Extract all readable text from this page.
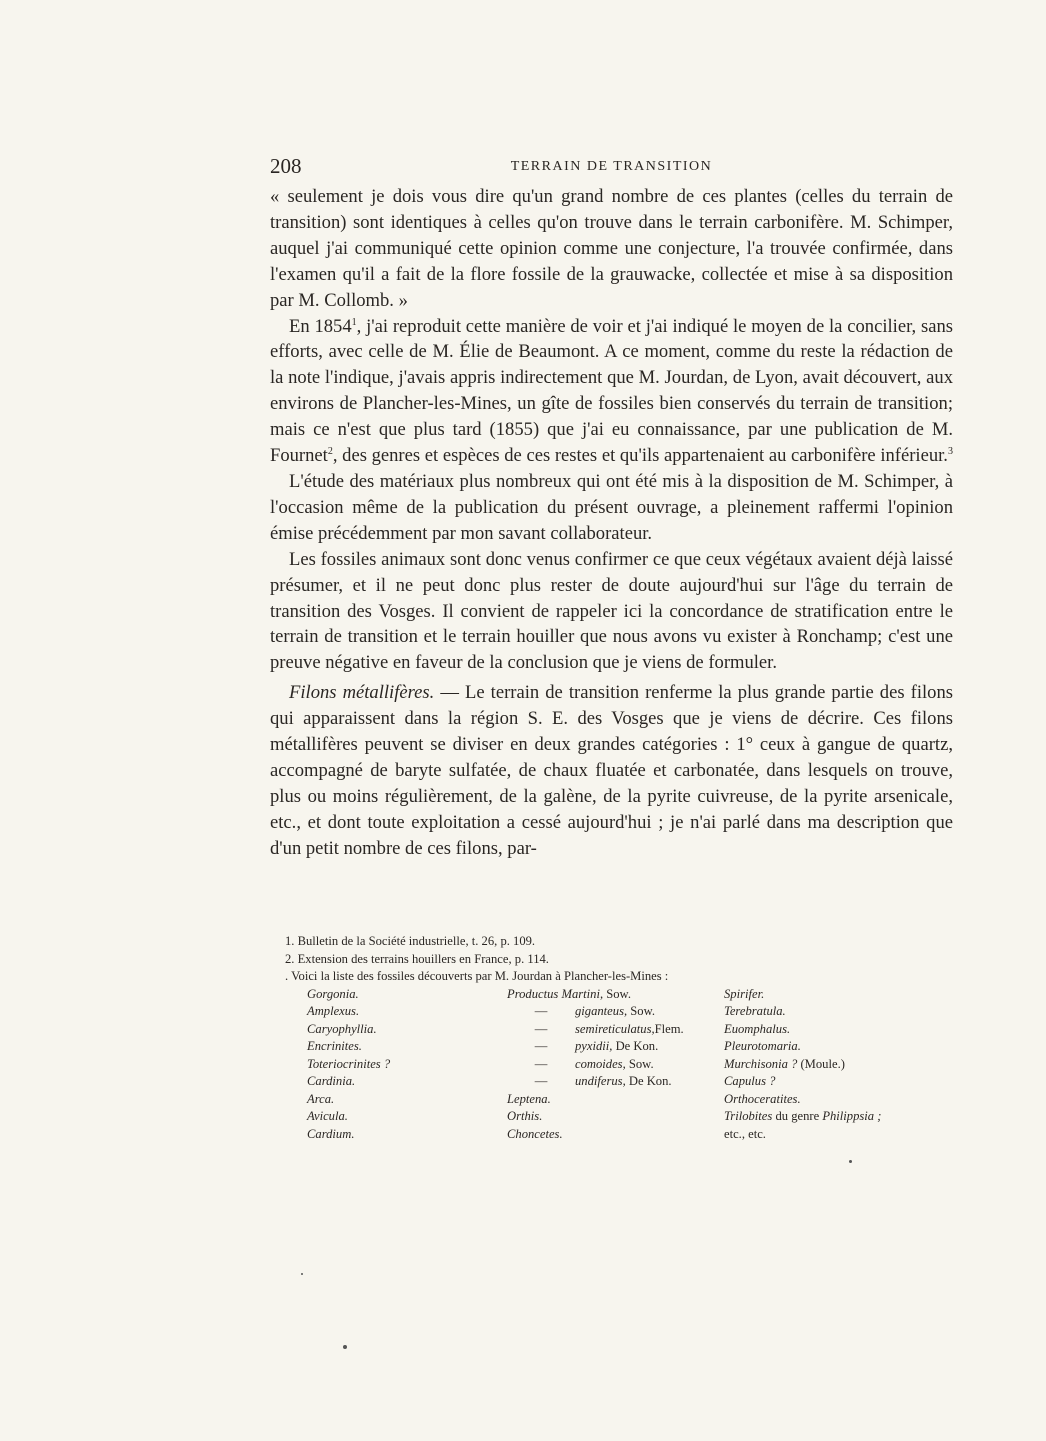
208	TERRAIN DE TRANSITION

« seulement je dois vous dire qu'un grand nombre de ces plantes (celles du terrain de transition) sont identiques à celles qu'on trouve dans le terrain carbonifère. M. Schimper, auquel j'ai communiqué cette opinion comme une conjecture, l'a trouvée confirmée, dans l'examen qu'il a fait de la flore fossile de la grauwacke, collectée et mise à sa disposition par M. Collomb. »

En 1854$^1$, j'ai reproduit cette manière de voir et j'ai indiqué le moyen de la concilier, sans efforts, avec celle de M. Élie de Beaumont. A ce moment, comme du reste la rédaction de la note l'indique, j'avais appris indirectement que M. Jourdan, de Lyon, avait découvert, aux environs de Plancher-les-Mines, un gîte de fossiles bien conservés du terrain de transition; mais ce n'est que plus tard (1855) que j'ai eu connaissance, par une publication de M. Fournet$^2$, des genres et espèces de ces restes et qu'ils appartenaient au carbonifère inférieur.$^3$

L'étude des matériaux plus nombreux qui ont été mis à la disposition de M. Schimper, à l'occasion même de la publication du présent ouvrage, a pleinement raffermi l'opinion émise précédemment par mon savant collaborateur.

Les fossiles animaux sont donc venus confirmer ce que ceux végétaux avaient déjà laissé présumer, et il ne peut donc plus rester de doute aujourd'hui sur l'âge du terrain de transition des Vosges. Il convient de rappeler ici la concordance de stratification entre le terrain de transition et le terrain houiller que nous avons vu exister à Ronchamp; c'est une preuve négative en faveur de la conclusion que je viens de formuler.

Filons métallifères. — Le terrain de transition renferme la plus grande partie des filons qui apparaissent dans la région S. E. des Vosges que je viens de décrire. Ces filons métallifères peuvent se diviser en deux grandes catégories : 1° ceux à gangue de quartz, accompagné de baryte sulfatée, de chaux fluatée et carbonatée, dans lesquels on trouve, plus ou moins régulièrement, de la galène, de la pyrite cuivreuse, de la pyrite arsenicale, etc., et dont toute exploitation a cessé aujourd'hui ; je n'ai parlé dans ma description que d'un petit nombre de ces filons, par-

1. Bulletin de la Société industrielle, t. 26, p. 109.
2. Extension des terrains houillers en France, p. 114.
. Voici la liste des fossiles découverts par M. Jourdan à Plancher-les-Mines :
Gorgonia.
Amplexus.
Caryophyllia.
Encrinites.
Toteriocrinites ?
Cardinia.
Arca.
Avicula.
Cardium.
Productus Martini, Sow.
— giganteus, Sow.
— semireticulatus,Flem.
— pyxidii, De Kon.
— comoides, Sow.
— undiferus, De Kon.
Leptena.
Orthis.
Choncetes.
Spirifer.
Terebratula.
Euomphalus.
Pleurotomaria.
Murchisonia ? (Moule.)
Capulus ?
Orthoceratites.
Trilobites du genre Philippsia ;
etc., etc.
